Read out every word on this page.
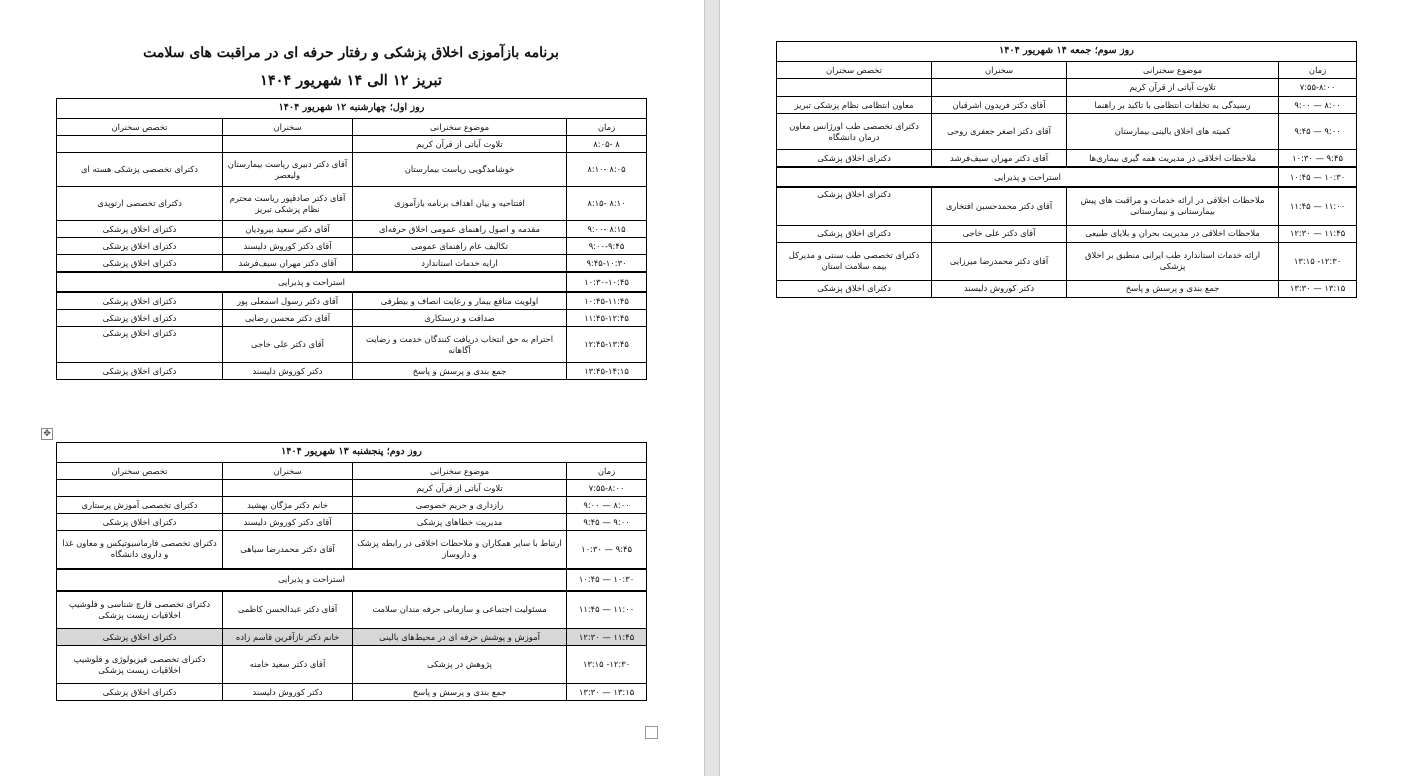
برنامه بازآموزی اخلاق پزشکی و رفتار حرفه ای در مراقبت های سلامت
تبریز ۱۲ الی ۱۴ شهریور ۱۴۰۴
روز اول؛ چهارشنبه ۱۲ شهریور ۱۴۰۴			
زمان	موضوع سخنرانی	سخنران	تخصص سخنران
۸ -۸:۰۵	تلاوت آیاتی از قرآن کریم		
۸:۰۵ -۸:۱۰	خوشامدگویی ریاست بیمارستان	آقای دکتر دبیری ریاست بیمارستان ولیعصر	دکترای تخصصی پزشکی هسته ای
۸:۱۰ -۸:۱۵	افتتاحیه و بیان اهداف برنامه بازآموزی	آقای دکتر صادقپور ریاست محترم نظام پزشکی تبریز	دکترای تخصصی ارتوپدی
۸:۱۵ -۹:۰۰	مقدمه و اصول راهنمای عمومی اخلاق حرفه‌ای	آقای دکتر سعید بیرودیان	دکترای اخلاق پزشکی
۹:۰۰-۹:۴۵	تکالیف عام راهنمای عمومی	آقای دکتر کوروش دلیسند	دکترای اخلاق پزشکی
۹:۴۵-۱۰:۳۰	ارایه خدمات استاندارد	آقای دکتر مهران سیف‌فرشد	دکترای اخلاق پزشکی
۱۰:۳۰-۱۰:۴۵	استراحت و پذیرایی		
۱۰:۴۵-۱۱:۴۵	اولویت منافع بیمار و رعایت انصاف و بیطرفی	آقای دکتر رسول اسمعلی پور	دکترای اخلاق پزشکی
۱۱:۴۵-۱۲:۴۵	صداقت و درستکاری	آقای دکتر محسن رضایی	دکترای اخلاق پزشکی
۱۲:۴۵-۱۳:۴۵	احترام به حق انتخاب دریافت کنندگان خدمت و رضایت آگاهانه	آقای دکتر علی خاجی	دکترای اخلاق پزشکی
۱۳:۴۵-۱۴:۱۵	جمع بندی و پرسش و پاسخ	دکتر کوروش دلیسند	دکترای اخلاق پزشکی
✥
روز دوم؛ پنجشنبه ۱۳ شهریور ۱۴۰۴			
زمان	موضوع سخنرانی	سخنران	تخصص سخنران
۷:۵۵-۸:۰۰	تلاوت آیاتی از قرآن کریم		
۸:۰۰ — ۹:۰۰	رازداری و حریم خصوصی	خانم دکتر مژگان بهشید	دکترای تخصصی آموزش پرستاری
۹:۰۰ — ۹:۴۵	مدیریت خطاهای پزشکی	آقای دکتر کوروش دلیسند	دکترای اخلاق پزشکی
۹:۴۵ — ۱۰:۳۰	ارتباط با سایر همکاران و ملاحظات اخلاقی در رابطه پزشک و داروساز	آقای دکتر محمدرضا سیاهی	دکترای تخصصی فارماسیوتیکس و معاون غذا و داروی دانشگاه
۱۰:۳۰ — ۱۰:۴۵	استراحت و پذیرایی		
۱۱:۰۰ — ۱۱:۴۵	مسئولیت اجتماعی و سازمانی حرفه مندان سلامت	آقای دکتر عبدالحسن کاظمی	دکترای تخصصی قارچ شناسی و فلوشیپ اخلاقیات زیست پزشکی
۱۱:۴۵ — ۱۲:۳۰	آموزش و پوشش حرفه ای در محیط‌های بالینی	خانم دکتر نازآفرین قاسم زاده	دکترای اخلاق پزشکی
۱۲:۳۰- ۱۳:۱۵	پژوهش در پزشکی	آقای دکتر سعید خامنه	دکترای تخصصی فیزیولوژی و فلوشیپ اخلاقیات زیست پزشکی
۱۳:۱۵ — ۱۳:۳۰	جمع بندی و پرسش و پاسخ	دکتر کوروش دلیسند	دکترای اخلاق پزشکی
روز سوم؛ جمعه ۱۴ شهریور ۱۴۰۴			
زمان	موضوع سخنرانی	سخنران	تخصص سخنران
۷:۵۵-۸:۰۰	تلاوت آیاتی از قرآن کریم		
۸:۰۰ — ۹:۰۰	رسیدگی به تخلفات انتظامی با تاکید بر راهنما	آقای دکتر فریدون اشرقیان	معاون انتظامی نظام پزشکی تبریز
۹:۰۰ — ۹:۴۵	کمیته های اخلاق بالینی بیمارستان	آقای دکتر اصغر جعفری روحی	دکترای تخصصی طب اورژانس معاون درمان دانشگاه
۹:۴۵ — ۱۰:۳۰	ملاحظات اخلاقی در مدیریت همه گیری بیماری‌ها	آقای دکتر مهران سیف‌فرشد	دکترای اخلاق پزشکی
۱۰:۳۰ — ۱۰:۴۵	استراحت و پذیرایی		
۱۱:۰۰ — ۱۱:۴۵	ملاحظات اخلاقی در ارائه خدمات و مراقبت های پیش بیمارستانی و بیمارستانی	آقای دکتر محمدحسین افتخاری	دکترای اخلاق پزشکی
۱۱:۴۵ — ۱۲:۳۰	ملاحظات اخلاقی در مدیریت بحران و بلایای طبیعی	آقای دکتر علی خاجی	دکترای اخلاق پزشکی
۱۲:۳۰- ۱۳:۱۵	ارائه خدمات استاندارد طب ایرانی منطبق بر اخلاق پزشکی	آقای دکتر محمدرضا میرزایی	دکترای تخصصی طب سنتی و مدیرکل بیمه سلامت استان
۱۳:۱۵ — ۱۳:۳۰	جمع بندی و پرسش و پاسخ	دکتر کوروش دلیسند	دکترای اخلاق پزشکی
